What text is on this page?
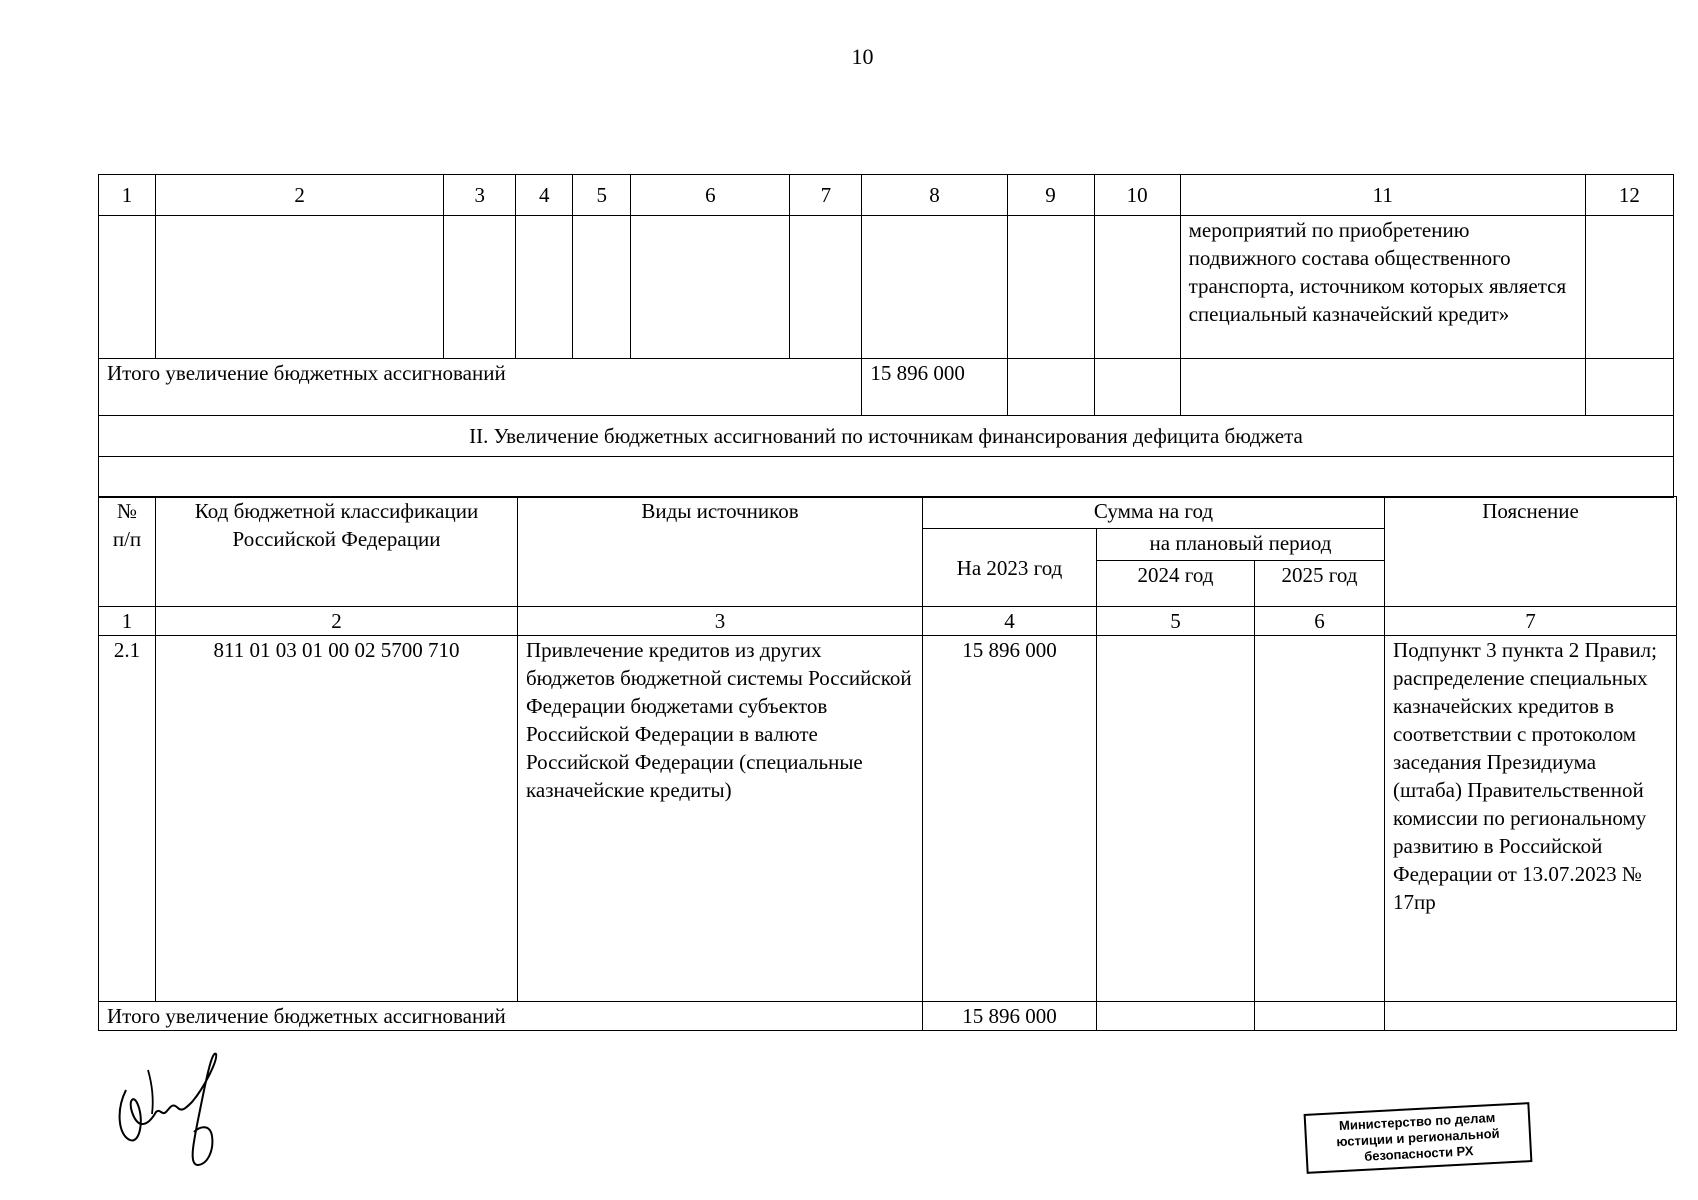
10
1	2	3	4	5	6	7	8	9	10	11	12
										мероприятий по приобретению подвижного состава общественного транспорта, источником которых является специальный казначейский кредит»	
Итого увеличение бюджетных ассигнований							15 896 000				
II. Увеличение бюджетных ассигнований по источникам финансирования дефицита бюджета											

№ п/п	Код бюджетной классификации Российской Федерации	Виды источников	Сумма на год			Пояснение
			На 2023 год	на плановый период		
				2024 год	2025 год	
1	2	3	4	5	6	7
2.1	811 01 03 01 00 02 5700 710	Привлечение кредитов из других бюджетов бюджетной системы Российской Федерации бюджетами субъектов Российской Федерации в валюте Российской Федерации (специальные казначейские кредиты)	15 896 000			Подпункт 3 пункта 2 Правил; распределение специальных казначейских кредитов в соответствии с протоколом заседания Президиума (штаба) Правительственной комиссии по региональному развитию в Российской Федерации от 13.07.2023 № 17пр
Итого увеличение бюджетных ассигнований			15 896 000			
Министерство по делам юстиции и региональной безопасности РХ
